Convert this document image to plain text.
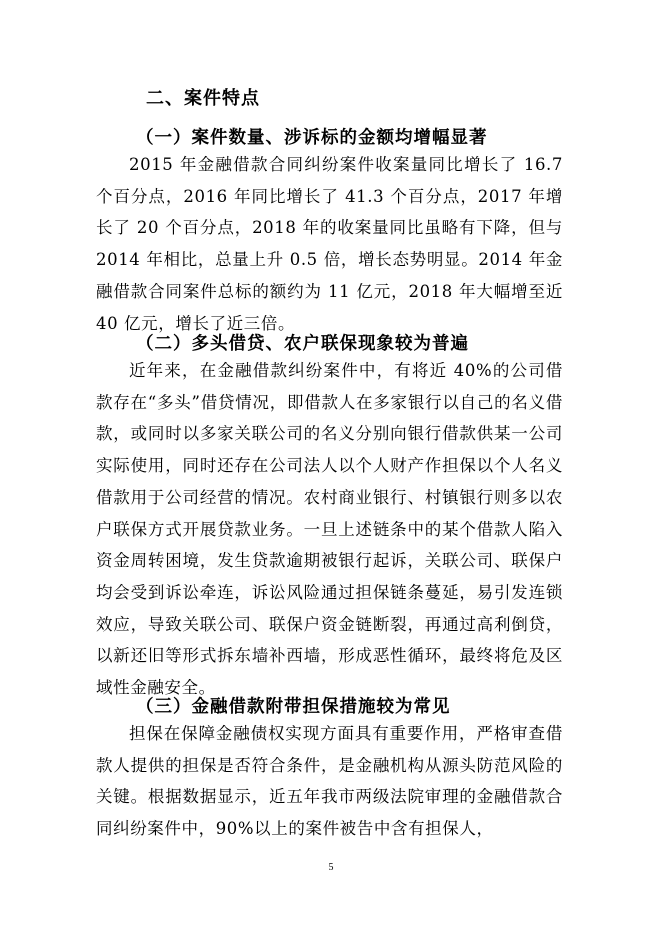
二、案件特点
（一）案件数量、涉诉标的金额均增幅显著

2015 年金融借款合同纠纷案件收案量同比增长了 16.7 个百分点，2016 年同比增长了 41.3 个百分点，2017 年增长了 20 个百分点，2018 年的收案量同比虽略有下降，但与 2014 年相比，总量上升 0.5 倍，增长态势明显。2014 年金融借款合同案件总标的额约为 11 亿元，2018 年大幅增至近 40 亿元，增长了近三倍。

（二）多头借贷、农户联保现象较为普遍

近年来，在金融借款纠纷案件中，有将近 40%的公司借款存在“多头”借贷情况，即借款人在多家银行以自己的名义借款，或同时以多家关联公司的名义分别向银行借款供某一公司实际使用，同时还存在公司法人以个人财产作担保以个人名义借款用于公司经营的情况。农村商业银行、村镇银行则多以农户联保方式开展贷款业务。一旦上述链条中的某个借款人陷入资金周转困境，发生贷款逾期被银行起诉，关联公司、联保户均会受到诉讼牵连，诉讼风险通过担保链条蔓延，易引发连锁效应，导致关联公司、联保户资金链断裂，再通过高利倒贷，以新还旧等形式拆东墙补西墙，形成恶性循环，最终将危及区域性金融安全。

（三）金融借款附带担保措施较为常见

担保在保障金融债权实现方面具有重要作用，严格审查借款人提供的担保是否符合条件，是金融机构从源头防范风险的关键。根据数据显示，近五年我市两级法院审理的金融借款合同纠纷案件中，90%以上的案件被告中含有担保人，

5
